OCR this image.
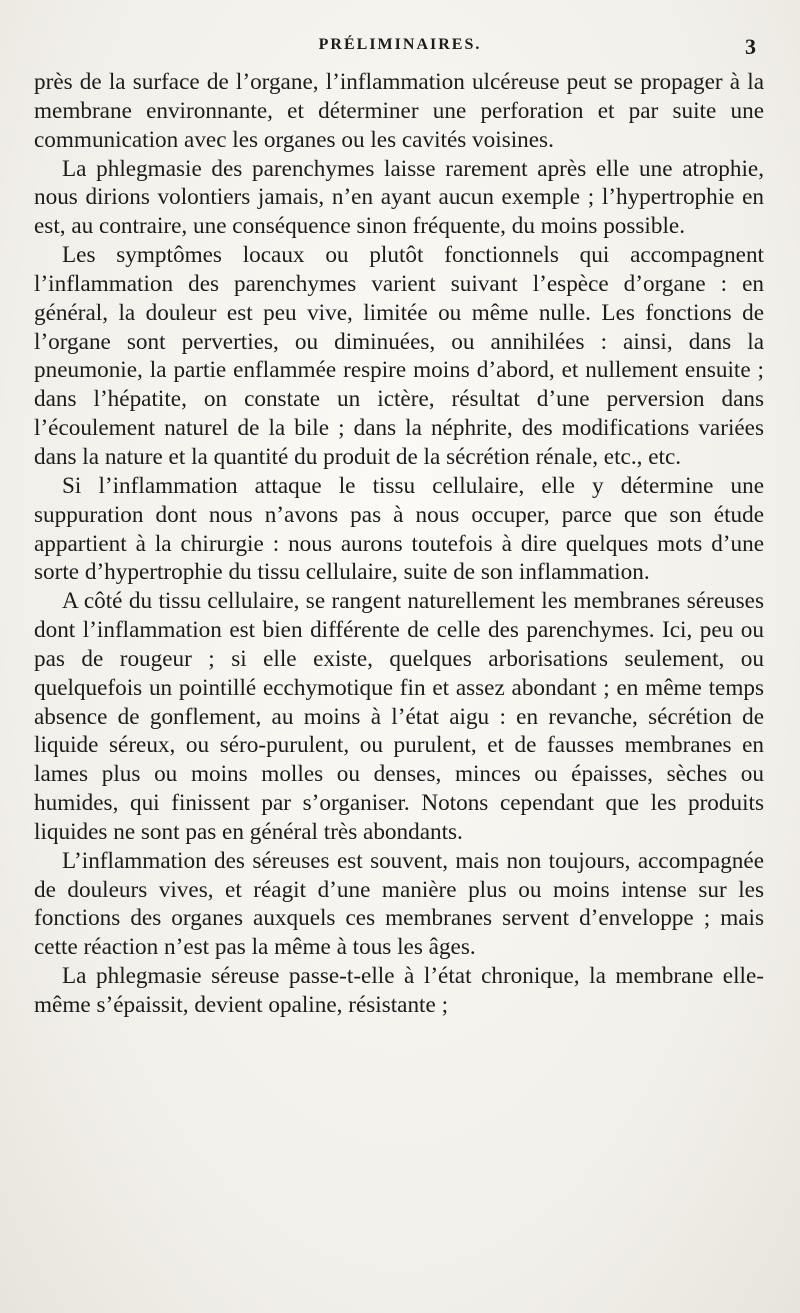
PRÉLIMINAIRES.	3

près de la surface de l’organe, l’inflammation ulcéreuse peut se propager à la membrane environnante, et déterminer une perforation et par suite une communication avec les organes ou les cavités voisines.

La phlegmasie des parenchymes laisse rarement après elle une atrophie, nous dirions volontiers jamais, n’en ayant aucun exemple ; l’hypertrophie en est, au contraire, une conséquence sinon fréquente, du moins possible.

Les symptômes locaux ou plutôt fonctionnels qui accompagnent l’inflammation des parenchymes varient suivant l’espèce d’organe : en général, la douleur est peu vive, limitée ou même nulle. Les fonctions de l’organe sont perverties, ou diminuées, ou annihilées : ainsi, dans la pneumonie, la partie enflammée respire moins d’abord, et nullement ensuite ; dans l’hépatite, on constate un ictère, résultat d’une perversion dans l’écoulement naturel de la bile ; dans la néphrite, des modifications variées dans la nature et la quantité du produit de la sécrétion rénale, etc., etc.

Si l’inflammation attaque le tissu cellulaire, elle y détermine une suppuration dont nous n’avons pas à nous occuper, parce que son étude appartient à la chirurgie : nous aurons toutefois à dire quelques mots d’une sorte d’hypertrophie du tissu cellulaire, suite de son inflammation.

A côté du tissu cellulaire, se rangent naturellement les membranes séreuses dont l’inflammation est bien différente de celle des parenchymes. Ici, peu ou pas de rougeur ; si elle existe, quelques arborisations seulement, ou quelquefois un pointillé ecchymotique fin et assez abondant ; en même temps absence de gonflement, au moins à l’état aigu : en revanche, sécrétion de liquide séreux, ou séro-purulent, ou purulent, et de fausses membranes en lames plus ou moins molles ou denses, minces ou épaisses, sèches ou humides, qui finissent par s’organiser. Notons cependant que les produits liquides ne sont pas en général très abondants.

L’inflammation des séreuses est souvent, mais non toujours, accompagnée de douleurs vives, et réagit d’une manière plus ou moins intense sur les fonctions des organes auxquels ces membranes servent d’enveloppe ; mais cette réaction n’est pas la même à tous les âges.

La phlegmasie séreuse passe-t-elle à l’état chronique, la membrane elle-même s’épaissit, devient opaline, résistante ;
